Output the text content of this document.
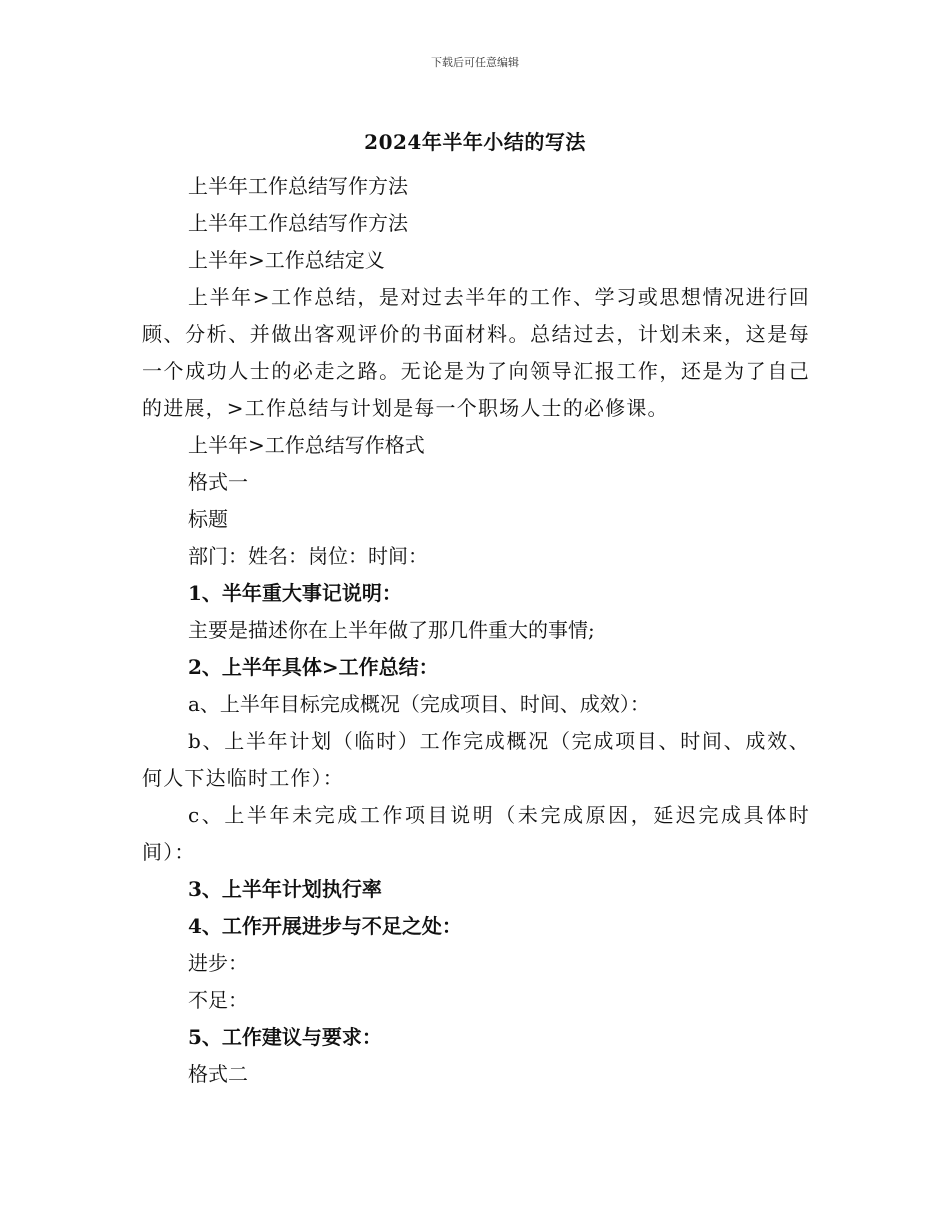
下载后可任意编辑
2024年半年小结的写法

上半年工作总结写作方法

上半年工作总结写作方法

上半年>工作总结定义

上半年>工作总结，是对过去半年的工作、学习或思想情况进行回顾、分析、并做出客观评价的书面材料。总结过去，计划未来，这是每一个成功人士的必走之路。无论是为了向领导汇报工作，还是为了自己的进展，>工作总结与计划是每一个职场人士的必修课。

上半年>工作总结写作格式

格式一

标题

部门：姓名：岗位：时间：

1、半年重大事记说明：

主要是描述你在上半年做了那几件重大的事情;

2、上半年具体>工作总结：

a、上半年目标完成概况（完成项目、时间、成效）：

b、上半年计划（临时）工作完成概况（完成项目、时间、成效、何人下达临时工作）：

c、上半年未完成工作项目说明（未完成原因，延迟完成具体时间）：

3、上半年计划执行率

4、工作开展进步与不足之处：

进步：

不足：

5、工作建议与要求：

格式二
